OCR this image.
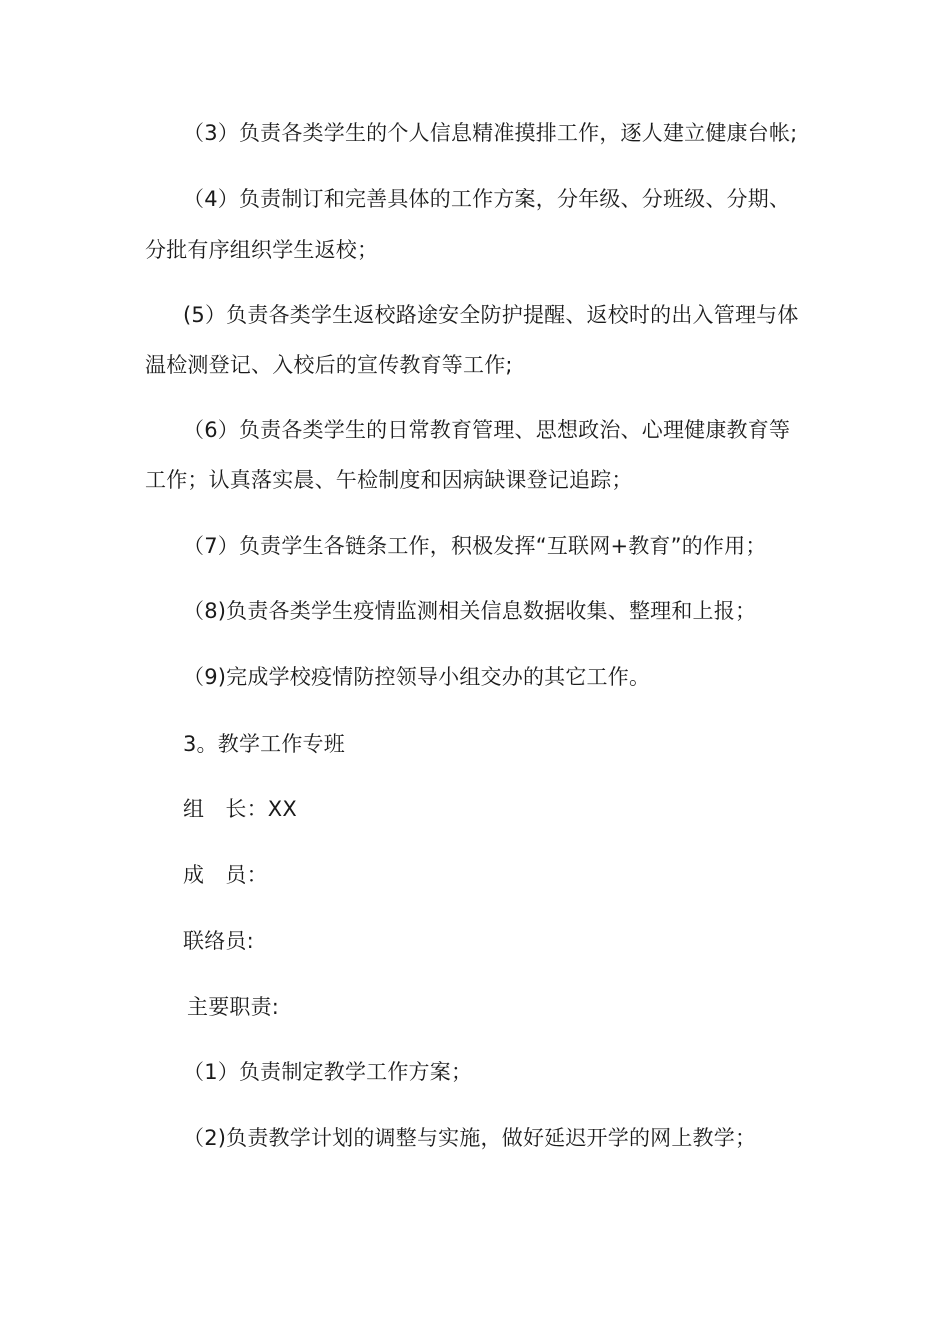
（3）负责各类学生的个人信息精准摸排工作，逐人建立健康台帐;

（4）负责制订和完善具体的工作方案，分年级、分班级、分期、

分批有序组织学生返校；

(5）负责各类学生返校路途安全防护提醒、返校时的出入管理与体

温检测登记、入校后的宣传教育等工作;

（6）负责各类学生的日常教育管理、思想政治、心理健康教育等

工作；认真落实晨、午检制度和因病缺课登记追踪；

（7）负责学生各链条工作，积极发挥“互联网+教育”的作用；

（8)负责各类学生疫情监测相关信息数据收集、整理和上报；

（9)完成学校疫情防控领导小组交办的其它工作。

3。教学工作专班

组　长：XX

成　员：

联络员:

主要职责:

（1）负责制定教学工作方案；

（2)负责教学计划的调整与实施，做好延迟开学的网上教学；
